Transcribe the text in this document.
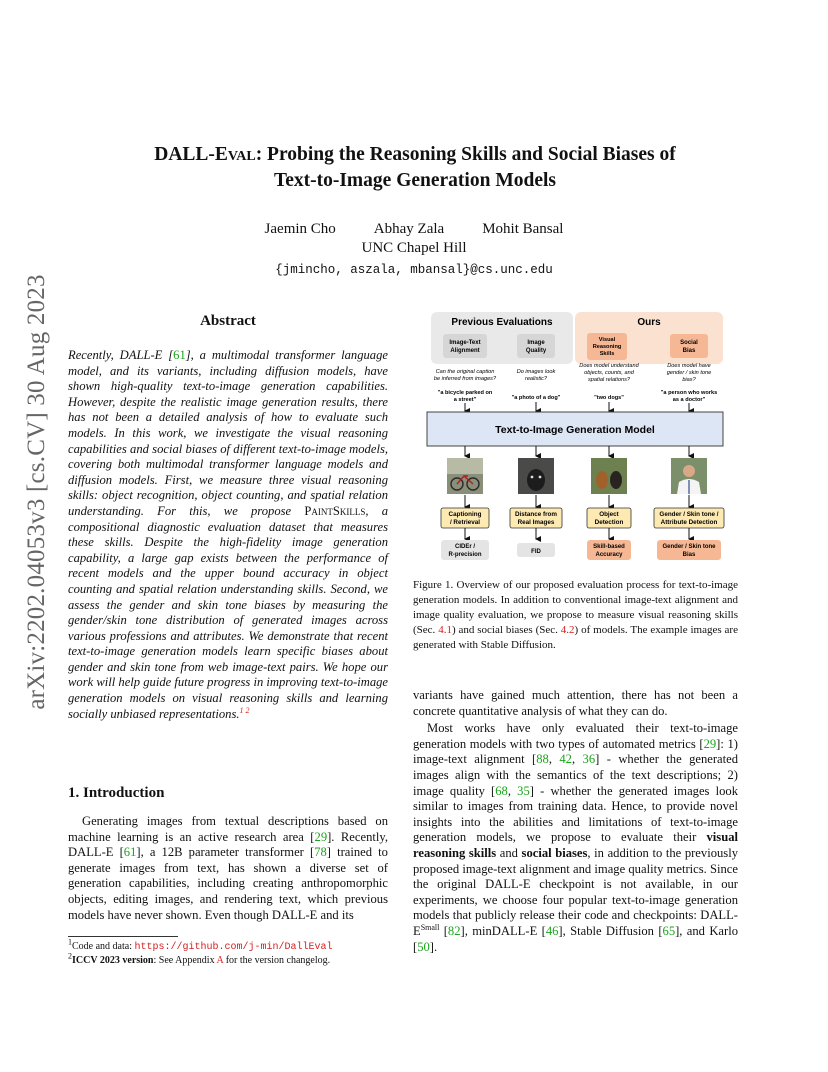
arXiv:2202.04053v3 [cs.CV] 30 Aug 2023
DALL-Eval: Probing the Reasoning Skills and Social Biases of
Text-to-Image Generation Models
Jaemin Cho	Abhay Zala	Mohit Bansal
UNC Chapel Hill
{jmincho, aszala, mbansal}@cs.unc.edu
Abstract
Recently, DALL-E [61], a multimodal transformer language model, and its variants, including diffusion models, have shown high-quality text-to-image generation capabilities. However, despite the realistic image generation results, there has not been a detailed analysis of how to evaluate such models. In this work, we investigate the visual reasoning capabilities and social biases of different text-to-image models, covering both multimodal transformer language models and diffusion models. First, we measure three visual reasoning skills: object recognition, object counting, and spatial relation understanding. For this, we propose PaintSkills, a compositional diagnostic evaluation dataset that measures these skills. Despite the high-fidelity image generation capability, a large gap exists between the performance of recent models and the upper bound accuracy in object counting and spatial relation understanding skills. Second, we assess the gender and skin tone biases by measuring the gender/skin tone distribution of generated images across various professions and attributes. We demonstrate that recent text-to-image generation models learn specific biases about gender and skin tone from web image-text pairs. We hope our work will help guide future progress in improving text-to-image generation models on visual reasoning skills and learning socially unbiased representations.$^{1 2}$
1. Introduction
Generating images from textual descriptions based on machine learning is an active research area [29]. Recently, DALL-E [61], a 12B parameter transformer [78] trained to generate images from text, has shown a diverse set of generation capabilities, including creating anthropomorphic objects, editing images, and rendering text, which previous models have never shown. Even though DALL-E and its
$^1$Code and data: https://github.com/j-min/DallEval
$^2$ICCV 2023 version: See Appendix A for the version changelog.
Previous Evaluations	Ours
Image-Text
Alignment
Image
Quality
Visual
Reasoning
Skills
Social
Bias
Can the original caption
be inferred from images?
Do images look
realistic?
Does model understand
objects, counts, and
spatial relations?
Does model have
gender / skin tone
bias?
"a bicycle parked on
a street"	"a photo of a dog"	"two dogs"
"a person who works
as a doctor"
Text-to-Image Generation Model
Captioning
/ Retrieval
Distance from
Real Images
Object
Detection
Gender / Skin tone /
Attribute Detection
CIDEr /
R-precision	FID
Skill-based
Accuracy
Gender / Skin tone
Bias
Figure 1. Overview of our proposed evaluation process for text-to-image generation models. In addition to conventional image-text alignment and image quality evaluation, we propose to measure visual reasoning skills (Sec. 4.1) and social biases (Sec. 4.2) of models. The example images are generated with Stable Diffusion.

variants have gained much attention, there has not been a concrete quantitative analysis of what they can do.

Most works have only evaluated their text-to-image generation models with two types of automated metrics [29]: 1) image-text alignment [88, 42, 36] - whether the generated images align with the semantics of the text descriptions; 2) image quality [68, 35] - whether the generated images look similar to images from training data. Hence, to provide novel insights into the abilities and limitations of text-to-image generation models, we propose to evaluate their visual reasoning skills and social biases, in addition to the previously proposed image-text alignment and image quality metrics. Since the original DALL-E checkpoint is not available, in our experiments, we choose four popular text-to-image generation models that publicly release their code and checkpoints: DALL-$E^{Small}$ [82], minDALL-E [46], Stable Diffusion [65], and Karlo [50].
